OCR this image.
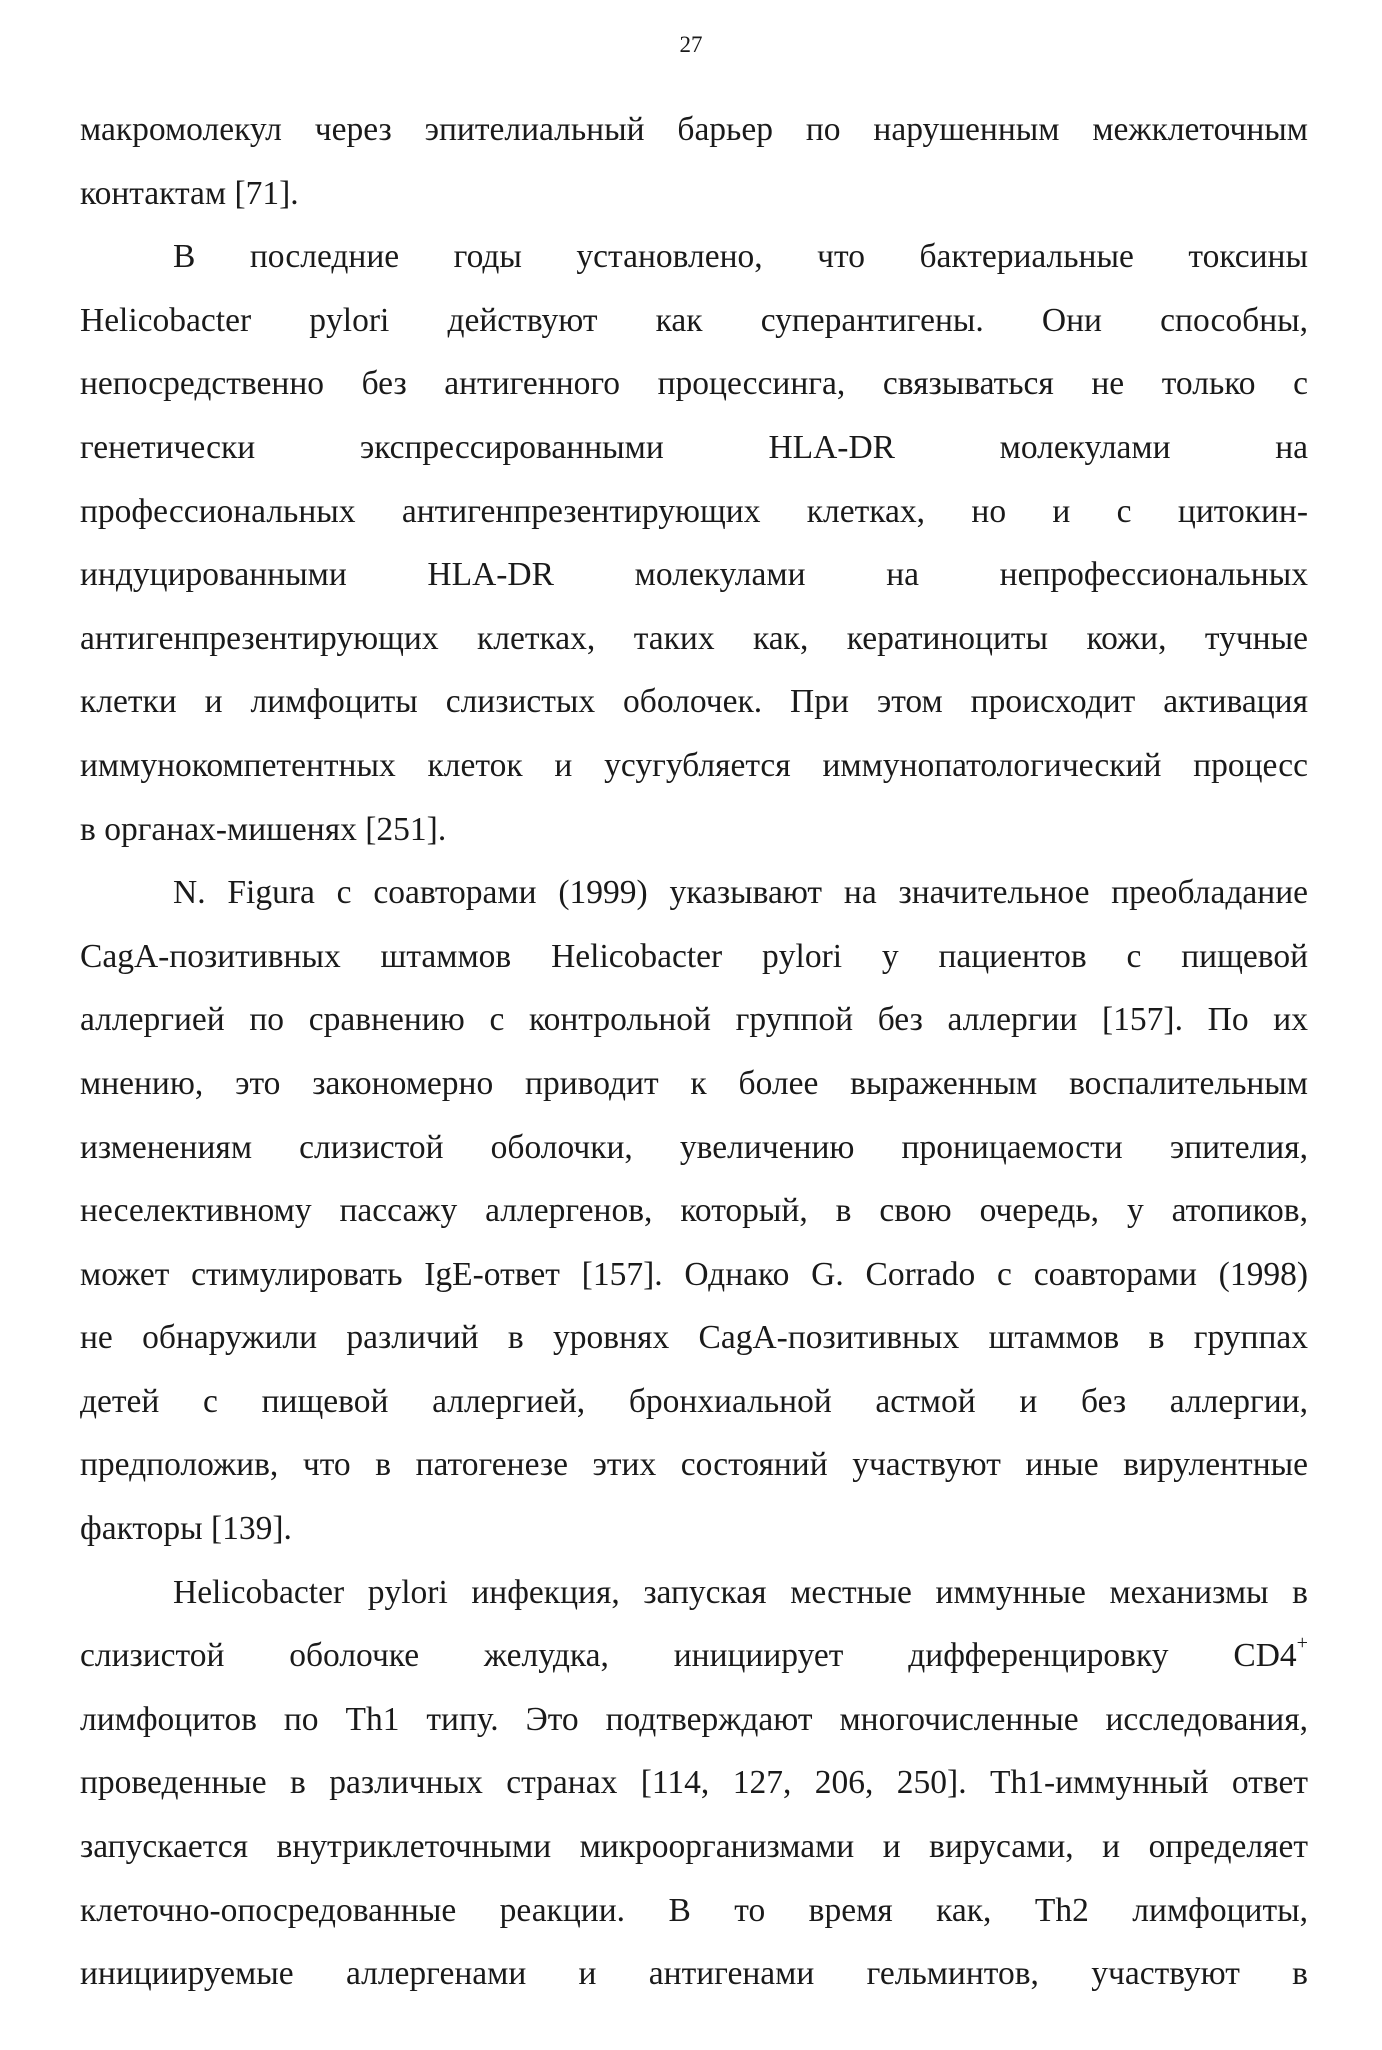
27
макромолекул через эпителиальный барьер по нарушенным межклеточным
контактам [71].
В последние годы установлено, что бактериальные токсины
Helicobacter pylori действуют как суперантигены. Они способны,
непосредственно без антигенного процессинга, связываться не только с
генетически экспрессированными HLA-DR молекулами на
профессиональных антигенпрезентирующих клетках, но и с цитокин-
индуцированными HLA-DR молекулами на непрофессиональных
антигенпрезентирующих клетках, таких как, кератиноциты кожи, тучные
клетки и лимфоциты слизистых оболочек. При этом происходит активация
иммунокомпетентных клеток и усугубляется иммунопатологический процесс
в органах-мишенях [251].
N. Figura с соавторами (1999) указывают на значительное преобладание
CagA-позитивных штаммов Helicobacter pylori у пациентов с пищевой
аллергией по сравнению с контрольной группой без аллергии [157]. По их
мнению, это закономерно приводит к более выраженным воспалительным
изменениям слизистой оболочки, увеличению проницаемости эпителия,
неселективному пассажу аллергенов, который, в свою очередь, у атопиков,
может стимулировать IgE-ответ [157]. Однако G. Corrado с соавторами (1998)
не обнаружили различий в уровнях CagA-позитивных штаммов в группах
детей с пищевой аллергией, бронхиальной астмой и без аллергии,
предположив, что в патогенезе этих состояний участвуют иные вирулентные
факторы [139].
Helicobacter pylori инфекция, запуская местные иммунные механизмы в
слизистой оболочке желудка, инициирует дифференцировку CD4+
лимфоцитов по Th1 типу. Это подтверждают многочисленные исследования,
проведенные в различных странах [114, 127, 206, 250]. Th1-иммунный ответ
запускается внутриклеточными микроорганизмами и вирусами, и определяет
клеточно-опосредованные реакции. В то время как, Th2 лимфоциты,
инициируемые аллергенами и антигенами гельминтов, участвуют в
